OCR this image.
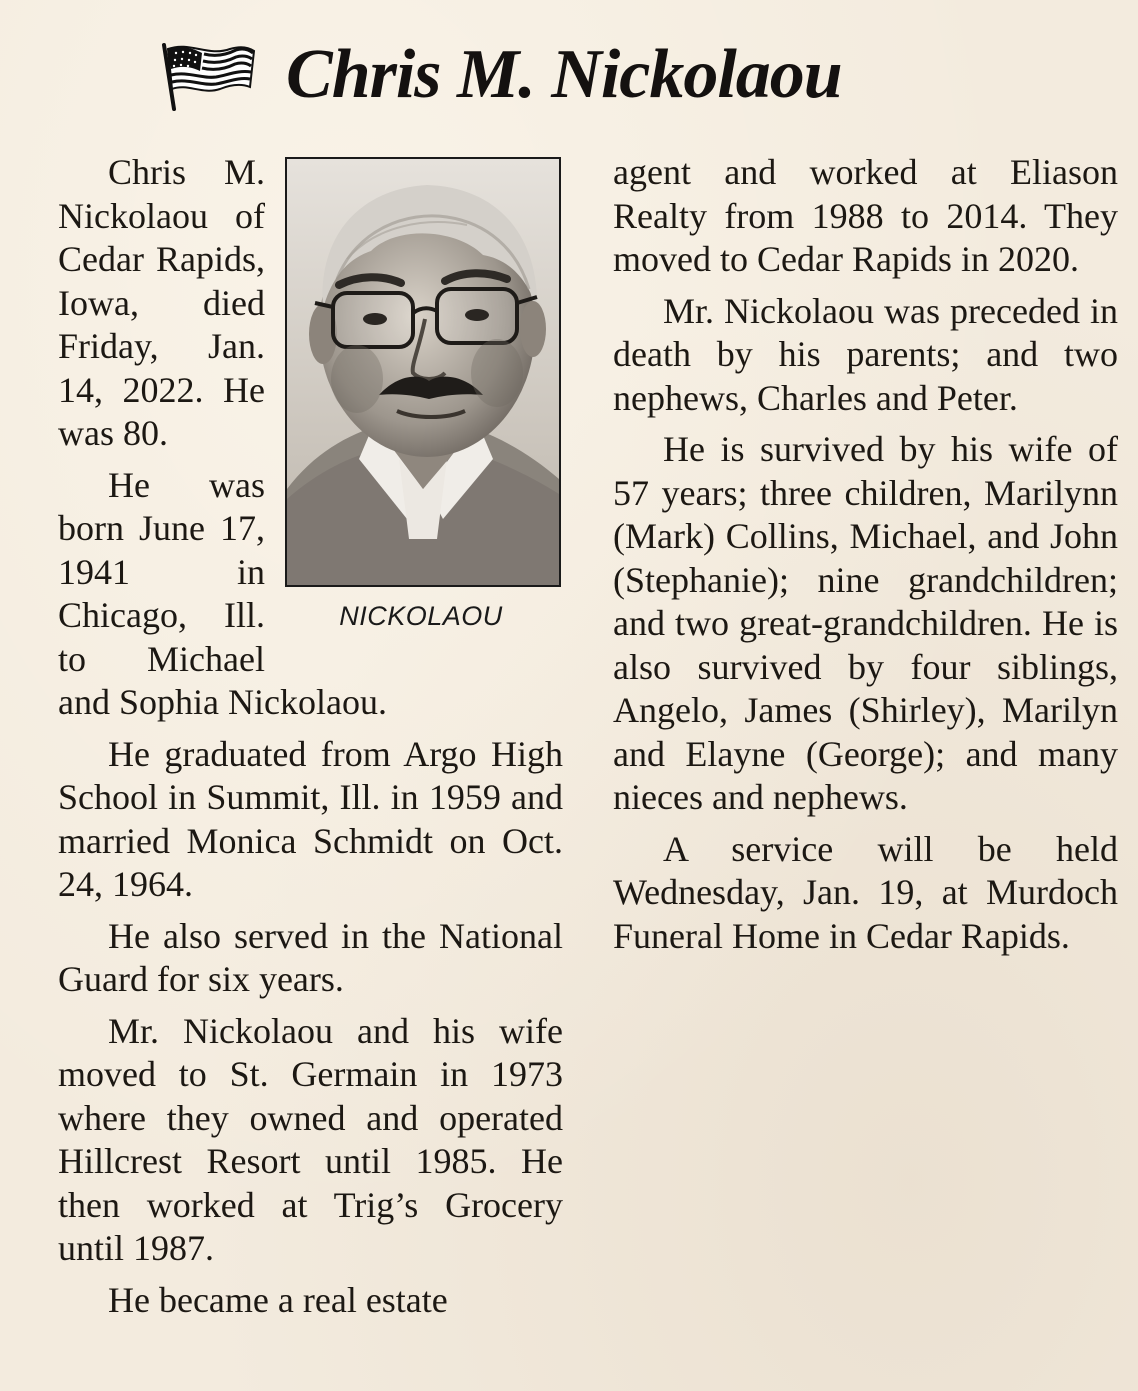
Chris M. Nickolaou
NICKOLAOU

Chris M. Nickolaou of Cedar Rapids, Iowa, died Friday, Jan. 14, 2022. He was 80.

He was born June 17, 1941 in Chicago, Ill. to Michael and Sophia Nickolaou.

He graduated from Argo High School in Summit, Ill. in 1959 and married Monica Schmidt on Oct. 24, 1964.

He also served in the National Guard for six years.

Mr. Nickolaou and his wife moved to St. Germain in 1973 where they owned and operated Hillcrest Resort until 1985. He then worked at Trig’s Grocery until 1987.

He became a real estate

agent and worked at Eliason Realty from 1988 to 2014. They moved to Cedar Rapids in 2020.

Mr. Nickolaou was preceded in death by his parents; and two nephews, Charles and Peter.

He is survived by his wife of 57 years; three children, Marilynn (Mark) Collins, Michael, and John (Stephanie); nine grandchildren; and two great-grandchildren. He is also survived by four siblings, Angelo, James (Shirley), Marilyn and Elayne (George); and many nieces and nephews.

A service will be held Wednesday, Jan. 19, at Murdoch Funeral Home in Cedar Rapids.
